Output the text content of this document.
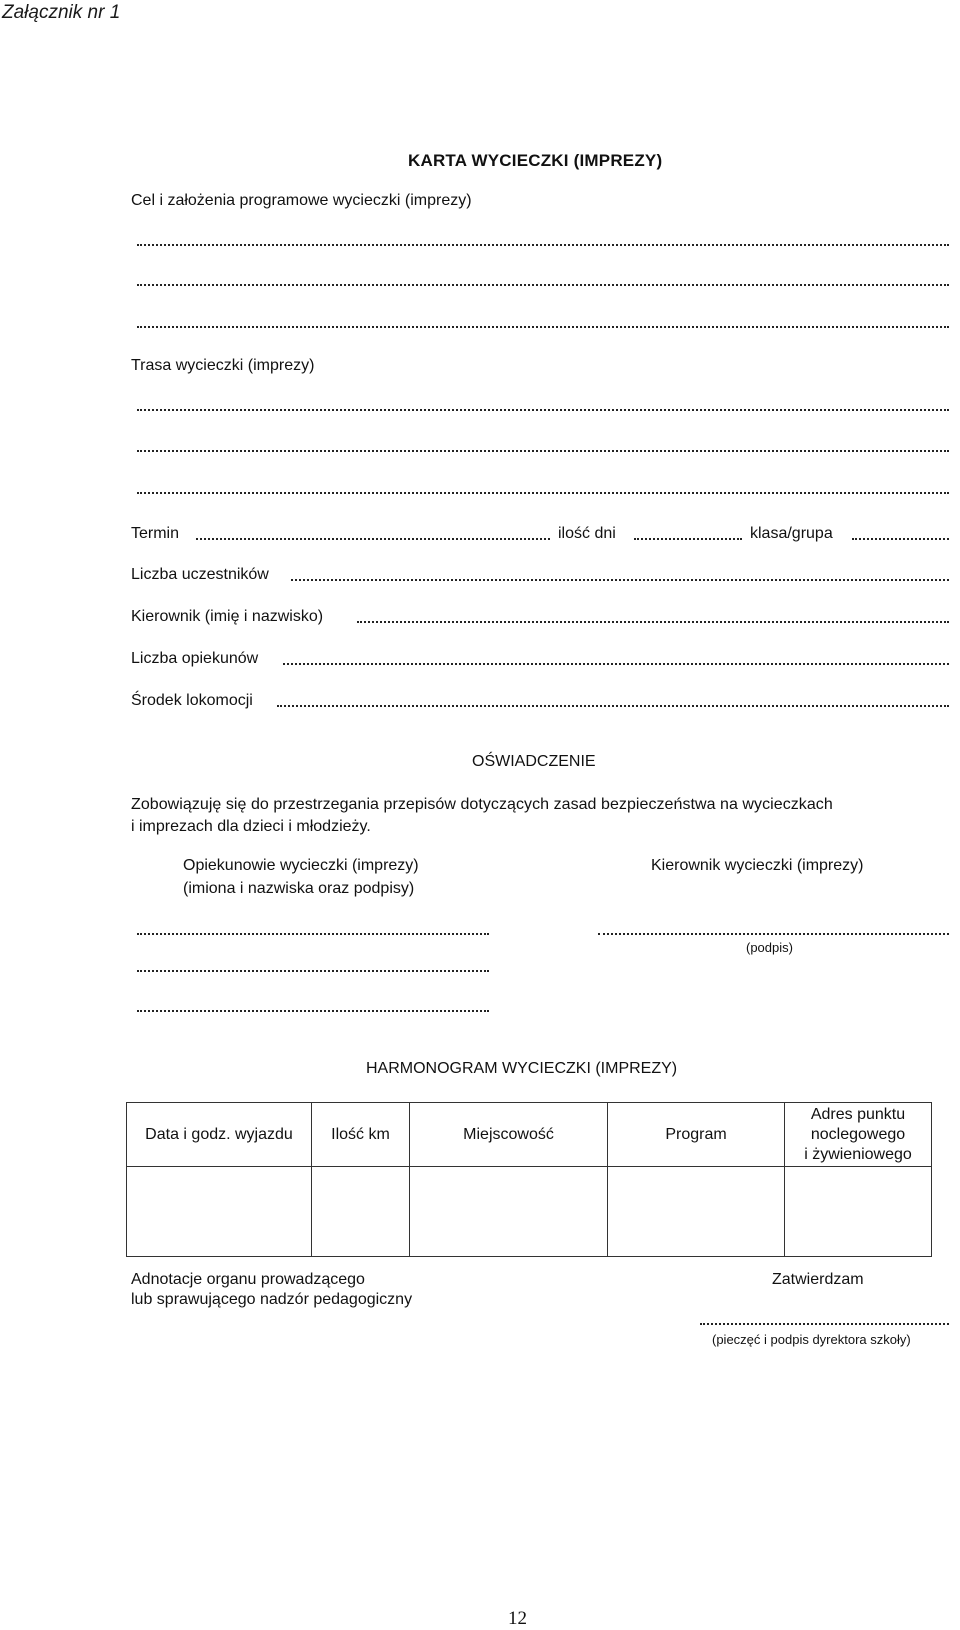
Załącznik nr 1
KARTA WYCIECZKI (IMPREZY)
Cel i założenia programowe wycieczki (imprezy)
Trasa wycieczki (imprezy)
Termin	ilość dni	klasa/grupa
Liczba uczestników
Kierownik (imię i nazwisko)
Liczba opiekunów
Środek lokomocji
OŚWIADCZENIE
Zobowiązuję się do przestrzegania przepisów dotyczących zasad bezpieczeństwa na wycieczkach
i imprezach dla dzieci i młodzieży.
Opiekunowie wycieczki (imprezy)
(imiona i nazwiska oraz podpisy)
Kierownik wycieczki (imprezy)
(podpis)
HARMONOGRAM WYCIECZKI (IMPREZY)
Data i godz. wyjazdu	Ilość km	Miejscowość	Program	Adres punktu
noclegowego
i żywieniowego

Adnotacje organu prowadzącego
lub sprawującego nadzór pedagogiczny
Zatwierdzam
(pieczęć i podpis dyrektora szkoły)
12
